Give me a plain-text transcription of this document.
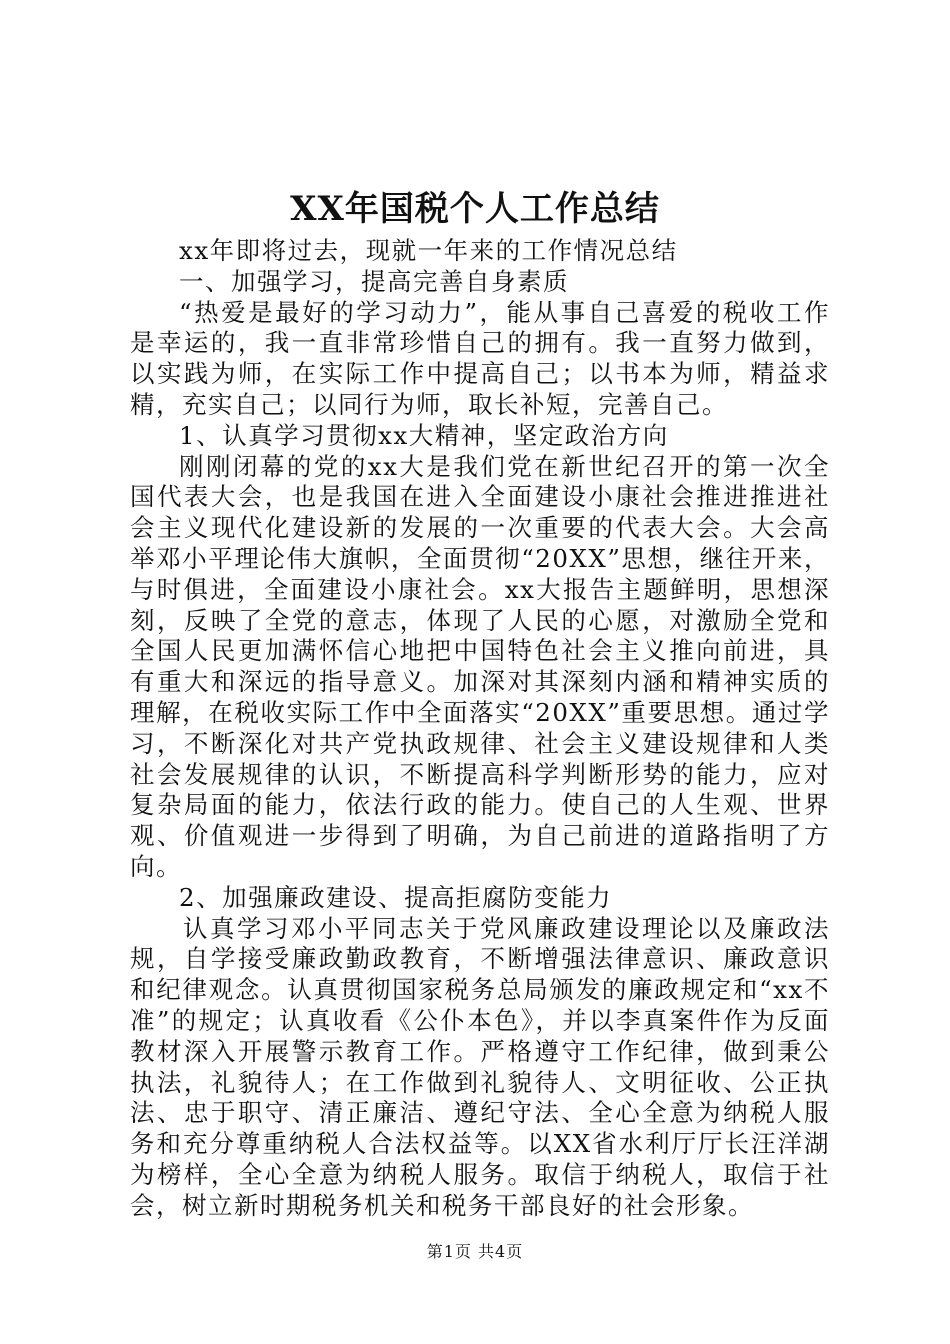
XX年国税个人工作总结

xx年即将过去，现就一年来的工作情况总结

一、加强学习，提高完善自身素质

“热爱是最好的学习动力”，能从事自己喜爱的税收工作是幸运的，我一直非常珍惜自己的拥有。我一直努力做到，以实践为师，在实际工作中提高自己；以书本为师，精益求精，充实自己；以同行为师，取长补短，完善自己。

1、认真学习贯彻xx大精神，坚定政治方向

刚刚闭幕的党的xx大是我们党在新世纪召开的第一次全国代表大会，也是我国在进入全面建设小康社会推进推进社会主义现代化建设新的发展的一次重要的代表大会。大会高举邓小平理论伟大旗帜，全面贯彻“20XX”思想，继往开来，与时俱进，全面建设小康社会。xx大报告主题鲜明，思想深刻，反映了全党的意志，体现了人民的心愿，对激励全党和全国人民更加满怀信心地把中国特色社会主义推向前进，具有重大和深远的指导意义。加深对其深刻内涵和精神实质的理解，在税收实际工作中全面落实“20XX”重要思想。通过学习，不断深化对共产党执政规律、社会主义建设规律和人类社会发展规律的认识，不断提高科学判断形势的能力，应对复杂局面的能力，依法行政的能力。使自己的人生观、世界观、价值观进一步得到了明确，为自己前进的道路指明了方向。

2、加强廉政建设、提高拒腐防变能力

认真学习邓小平同志关于党风廉政建设理论以及廉政法规，自学接受廉政勤政教育，不断增强法律意识、廉政意识和纪律观念。认真贯彻国家税务总局颁发的廉政规定和“xx不准”的规定；认真收看《公仆本色》，并以李真案件作为反面教材深入开展警示教育工作。严格遵守工作纪律，做到秉公执法，礼貌待人；在工作做到礼貌待人、文明征收、公正执法、忠于职守、清正廉洁、遵纪守法、全心全意为纳税人服务和充分尊重纳税人合法权益等。以XX省水利厅厅长汪洋湖为榜样，全心全意为纳税人服务。取信于纳税人，取信于社会，树立新时期税务机关和税务干部良好的社会形象。

第1页 共4页
